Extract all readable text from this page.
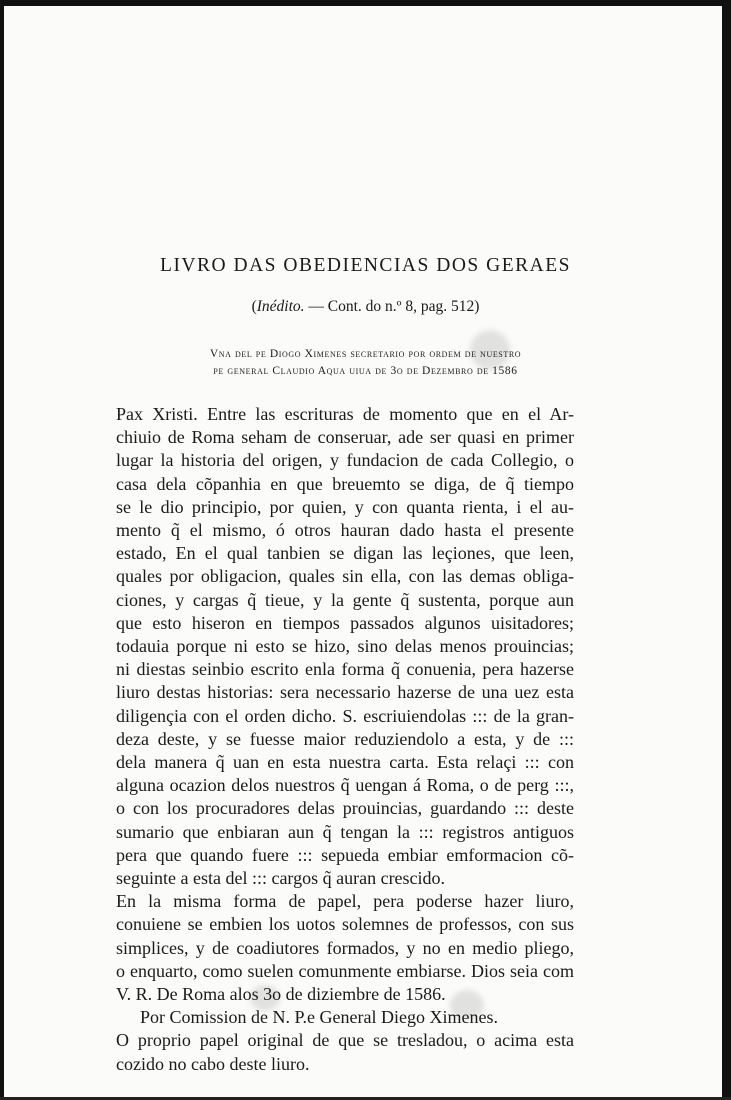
LIVRO DAS OBEDIENCIAS DOS GERAES
(Inédito. — Cont. do n.º 8, pag. 512)
Vna del pe Diogo Ximenes secretario por ordem de nuestro
pe general Claudio Aqua uiua de 3o de Dezembro de 1586

Pax Xristi. Entre las escrituras de momento que en el Ar-
chiuio de Roma seham de conseruar, ade ser quasi en primer
lugar la historia del origen, y fundacion de cada Collegio, o
casa dela cõpanhia en que breuemto se diga, de q̃ tiempo
se le dio principio, por quien, y con quanta rienta, i el au-
mento q̃ el mismo, ó otros hauran dado hasta el presente
estado, En el qual tanbien se digan las leçiones, que leen,
quales por obligacion, quales sin ella, con las demas obliga-
ciones, y cargas q̃ tieue, y la gente q̃ sustenta, porque aun
que esto hiseron en tiempos passados algunos uisitadores;
todauia porque ni esto se hizo, sino delas menos prouincias;
ni diestas seinbio escrito enla forma q̃ conuenia, pera hazerse
liuro destas historias: sera necessario hazerse de una uez esta
diligençia con el orden dicho. S. escriuiendolas ::: de la gran-
deza deste, y se fuesse maior reduziendolo a esta, y de :::
dela manera q̃ uan en esta nuestra carta. Esta relaçi ::: con
alguna ocazion delos nuestros q̃ uengan á Roma, o de perg :::,
o con los procuradores delas prouincias, guardando ::: deste
sumario que enbiaran aun q̃ tengan la ::: registros antiguos
pera que quando fuere ::: sepueda embiar emformacion cõ-
seguinte a esta del ::: cargos q̃ auran crescido.

En la misma forma de papel, pera poderse hazer liuro,
conuiene se embien los uotos solemnes de professos, con sus
simplices, y de coadiutores formados, y no en medio pliego,
o enquarto, como suelen comunmente embiarse. Dios seia com
V. R. De Roma alos 3o de diziembre de 1586.

Por Comission de N. P.e General Diego Ximenes.

O proprio papel original de que se tresladou, o acima esta
cozido no cabo deste liuro.
